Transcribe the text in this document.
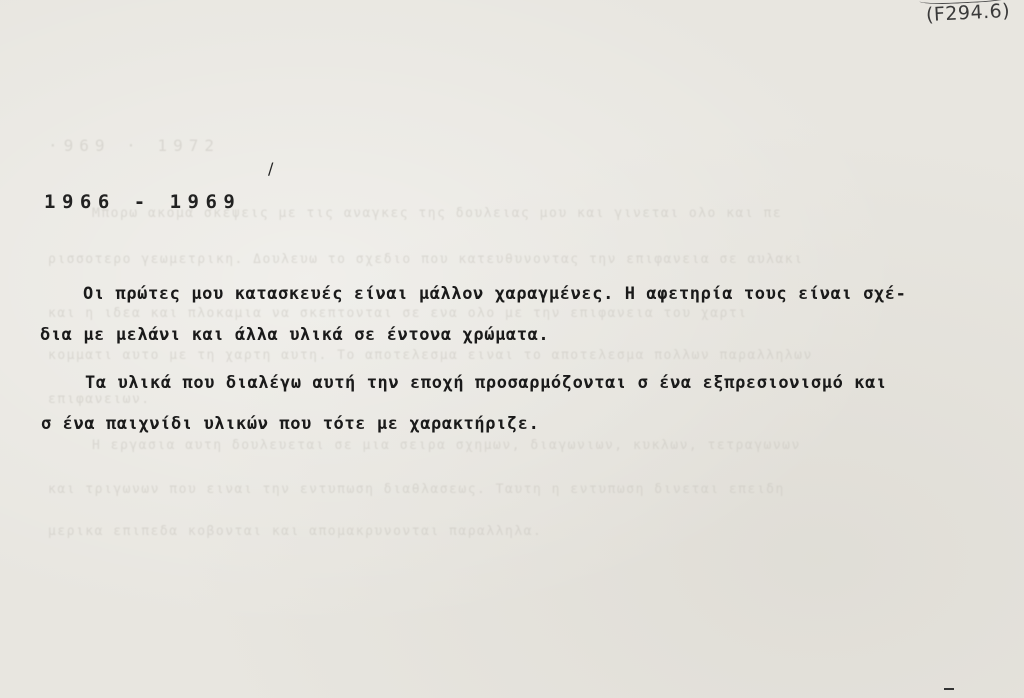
·969 · 1972
Μπορω ακομα σκεψεις με τις αναγκες της δουλειας μου και γινεται ολο και πε
ρισσοτερο γεωμετρικη. Δουλευω το σχεδιο που κατευθυνοντας την επιφανεια σε αυλακι
και η ιδεα και πλοκαμια να σκεπτονται σε ενα ολο με την επιφανεια του χαρτι
κομματι αυτο με τη χαρτη αυτη. Το αποτελεσμα ειναι το αποτελεσμα πολλων παραλληλων
επιφανειων.
Η εργασια αυτη δουλευεται σε μια σειρα σχημων, διαγωνιων, κυκλων, τετραγωνων
και τριγωνων που ειναι την εντυπωση διαθλασεως. Ταυτη η εντυπωση δινεται επειδη
μερικα επιπεδα κοβονται και απομακρυνονται παραλληλα.
(F294.6)
/
1966 - 1969
Οι πρώτες μου κατασκευές είναι μάλλον χαραγμένες. Η αφετηρία τους είναι σχέ-
δια με μελάνι και άλλα υλικά σε έντονα χρώματα.
Τα υλικά που διαλέγω αυτή την εποχή προσαρμόζονται σ ένα εξπρεσιονισμό και
σ ένα παιχνίδι υλικών που τότε με χαρακτήριζε.
